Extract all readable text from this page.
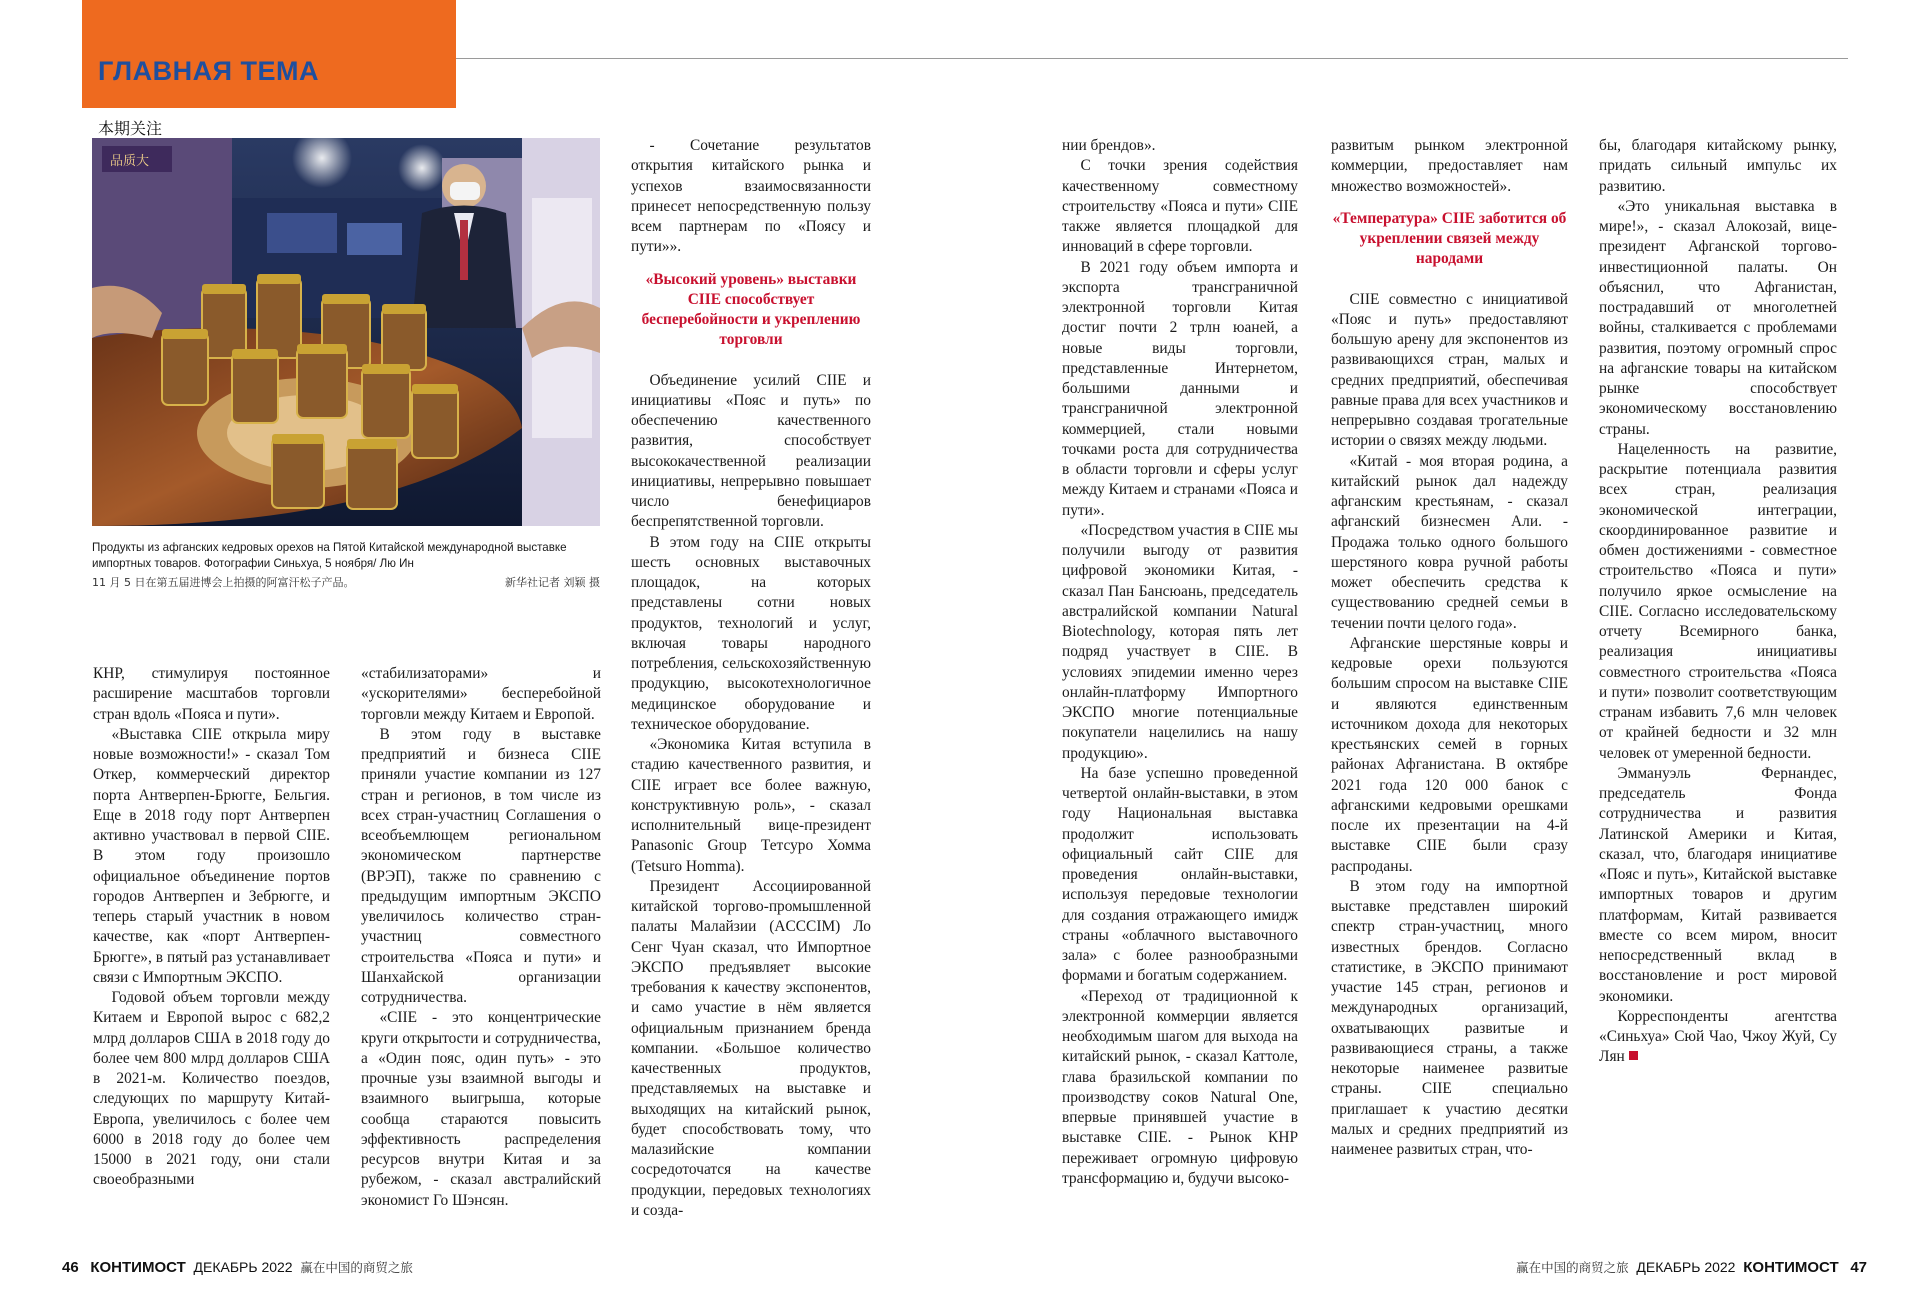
ГЛАВНАЯ ТЕМА
本期关注
品质大
Продукты из афганских кедровых орехов на Пятой Китайской международной выставке импортных товаров. Фотографии Синьхуа, 5 ноября/ Лю Ин
11 月 5 日在第五届进博会上拍摄的阿富汗松子产品。	新华社记者 刘颖 摄

КНР, стимулируя постоянное расширение масштабов торговли стран вдоль «Пояса и пути».

«Выставка CIIE открыла миру новые возможности!» - сказал Том Откер, коммерческий директор порта Антверпен-Брюгге, Бельгия. Еще в 2018 году порт Антверпен активно участвовал в первой CIIE. В этом году произошло официальное объединение портов городов Антверпен и Зебрюгге, и теперь старый участник в новом качестве, как «порт Антверпен-Брюгге», в пятый раз устанавливает связи с Импортным ЭКСПО.

Годовой объем торговли между Китаем и Европой вырос с 682,2 млрд долларов США в 2018 году до более чем 800 млрд долларов США в 2021-м. Количество поездов, следующих по маршруту Китай-Европа, увеличилось с более чем 6000 в 2018 году до более чем 15000 в 2021 году, они стали своеобразными

«стабилизаторами» и «ускорителями» бесперебойной торговли между Китаем и Европой.

В этом году в выставке предприятий и бизнеса CIIE приняли участие компании из 127 стран и регионов, в том числе из всех стран-участниц Соглашения о всеобъемлющем региональном экономическом партнерстве (ВРЭП), также по сравнению с предыдущим импортным ЭКСПО увеличилось количество стран-участниц совместного строительства «Пояса и пути» и Шанхайской организации сотрудничества.

«CIIE - это концентрические круги открытости и сотрудничества, а «Один пояс, один путь» - это прочные узы взаимной выгоды и взаимного выигрыша, которые сообща стараются повысить эффективность распределения ресурсов внутри Китая и за рубежом, - сказал австралийский экономист Го Шэнсян.

- Сочетание результатов открытия китайского рынка и успехов взаимосвязанности принесет непосредственную пользу всем партнерам по «Поясу и пути»».

«Высокий уровень» выставки CIIE способствует бесперебойности и укреплению торговли

Объединение усилий CIIE и инициативы «Пояс и путь» по обеспечению качественного развития, способствует высококачественной реализации инициативы, непрерывно повышает число бенефициаров беспрепятственной торговли.

В этом году на CIIE открыты шесть основных выставочных площадок, на которых представлены сотни новых продуктов, технологий и услуг, включая товары народного потребления, сельскохозяйственную продукцию, высокотехнологичное медицинское оборудование и техническое оборудование.

«Экономика Китая вступила в стадию качественного развития, и CIIE играет все более важную, конструктивную роль», - сказал исполнительный вице-президент Panasonic Group Тетсуро Хомма (Tetsuro Homma).

Президент Ассоциированной китайской торгово-промышленной палаты Малайзии (ACCCIM) Ло Сенг Чуан сказал, что Импортное ЭКСПО предъявляет высокие требования к качеству экспонентов, и само участие в нём является официальным признанием бренда компании. «Большое количество качественных продуктов, представляемых на выставке и выходящих на китайский рынок, будет способствовать тому, что малазийские компании сосредоточатся на качестве продукции, передовых технологиях и созда-

нии брендов».

С точки зрения содействия качественному совместному строительству «Пояса и пути» CIIE также является площадкой для инноваций в сфере торговли.

В 2021 году объем импорта и экспорта трансграничной электронной торговли Китая достиг почти 2 трлн юаней, а новые виды торговли, представленные Интернетом, большими данными и трансграничной электронной коммерцией, стали новыми точками роста для сотрудничества в области торговли и сферы услуг между Китаем и странами «Пояса и пути».

«Посредством участия в CIIE мы получили выгоду от развития цифровой экономики Китая, - сказал Пан Бансюань, председатель австралийской компании Natural Biotechnology, которая пять лет подряд участвует в CIIE. В условиях эпидемии именно через онлайн-платформу Импортного ЭКСПО многие потенциальные покупатели нацелились на нашу продукцию».

На базе успешно проведенной четвертой онлайн-выставки, в этом году Национальная выставка продолжит использовать официальный сайт CIIE для проведения онлайн-выставки, используя передовые технологии для создания отражающего имидж страны «облачного выставочного зала» с более разнообразными формами и богатым содержанием.

«Переход от традиционной к электронной коммерции является необходимым шагом для выхода на китайский рынок, - сказал Каттоле, глава бразильской компании по производству соков Natural One, впервые принявшей участие в выставке CIIE. - Рынок КНР переживает огромную цифровую трансформацию и, будучи высоко-

развитым рынком электронной коммерции, предоставляет нам множество возможностей».

«Температура» CIIE заботится об укреплении связей между народами

CIIE совместно с инициативой «Пояс и путь» предоставляют большую арену для экспонентов из развивающихся стран, малых и средних предприятий, обеспечивая равные права для всех участников и непрерывно создавая трогательные истории о связях между людьми.

«Китай - моя вторая родина, а китайский рынок дал надежду афганским крестьянам, - сказал афганский бизнесмен Али. - Продажа только одного большого шерстяного ковра ручной работы может обеспечить средства к существованию средней семьи в течении почти целого года».

Афганские шерстяные ковры и кедровые орехи пользуются большим спросом на выставке CIIE и являются единственным источником дохода для некоторых крестьянских семей в горных районах Афганистана. В октябре 2021 года 120 000 банок с афганскими кедровыми орешками после их презентации на 4-й выставке CIIE были сразу распроданы.

В этом году на импортной выставке представлен широкий спектр стран-участниц, много известных брендов. Согласно статистике, в ЭКСПО принимают участие 145 стран, регионов и международных организаций, охватывающих развитые и развивающиеся страны, а также некоторые наименее развитые страны. CIIE специально приглашает к участию десятки малых и средних предприятий из наименее развитых стран, что-

бы, благодаря китайскому рынку, придать сильный импульс их развитию.

«Это уникальная выставка в мире!», - сказал Алокозай, вице-президент Афганской торгово-инвестиционной палаты. Он объяснил, что Афганистан, пострадавший от многолетней войны, сталкивается с проблемами развития, поэтому огромный спрос на афганские товары на китайском рынке способствует экономическому восстановлению страны.

Нацеленность на развитие, раскрытие потенциала развития всех стран, реализация экономической интеграции, скоординированное развитие и обмен достижениями - совместное строительство «Пояса и пути» получило яркое осмысление на CIIE. Согласно исследовательскому отчету Всемирного банка, реализация инициативы совместного строительства «Пояса и пути» позволит соответствующим странам избавить 7,6 млн человек от крайней бедности и 32 млн человек от умеренной бедности.

Эммануэль Фернандес, председатель Фонда сотрудничества и развития Латинской Америки и Китая, сказал, что, благодаря инициативе «Пояс и путь», Китайской выставке импортных товаров и другим платформам, Китай развивается вместе со всем миром, вносит непосредственный вклад в восстановление и рост мировой экономики.

Корреспонденты агентства «Синьхуа» Сюй Чао, Чжоу Жуй, Су Лян

46 КОНТИМОСТ ДЕКАБРЬ 2022 赢在中国的商贸之旅	赢在中国的商贸之旅 ДЕКАБРЬ 2022 КОНТИМОСТ 47
